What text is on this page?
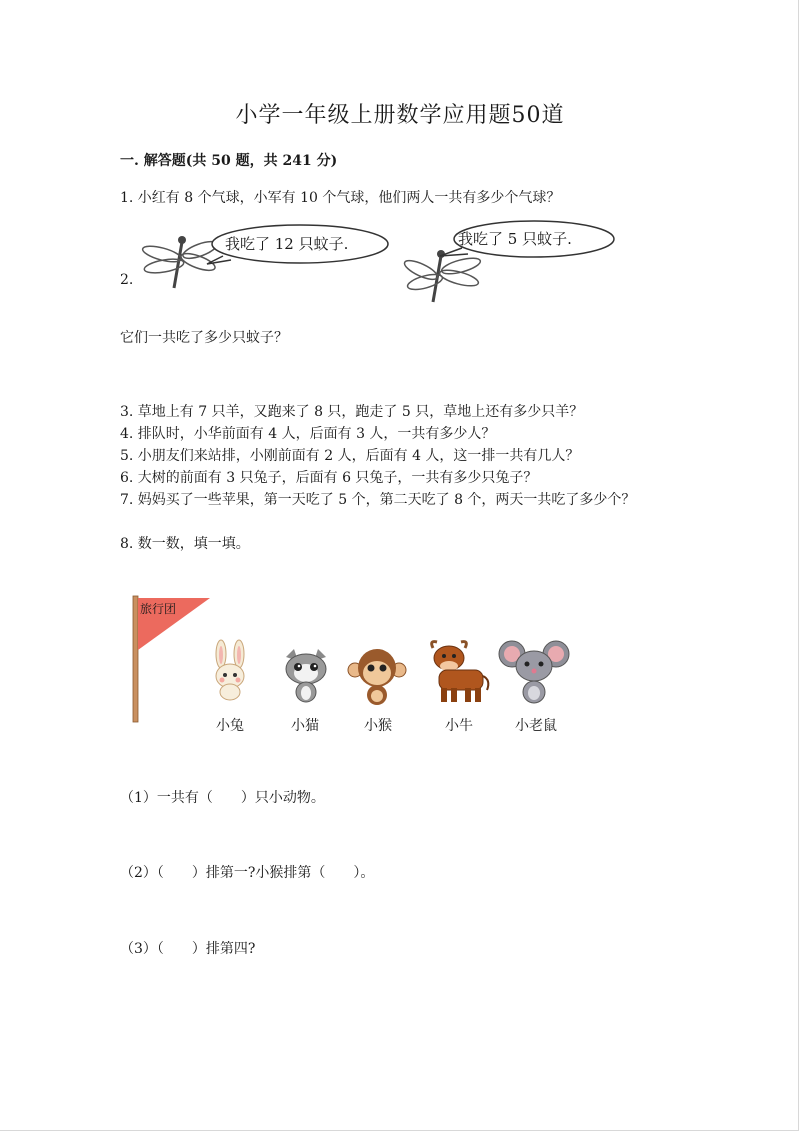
小学一年级上册数学应用题50道
一. 解答题(共 50 题，共 241 分)
1. 小红有 8 个气球，小军有 10 个气球，他们两人一共有多少个气球？
2.
我吃了 12 只蚊子.	我吃了 5 只蚊子.
它们一共吃了多少只蚊子？
3. 草地上有 7 只羊，又跑来了 8 只，跑走了 5 只，草地上还有多少只羊？
4. 排队时，小华前面有 4 人，后面有 3 人，一共有多少人？
5. 小朋友们来站排，小刚前面有 2 人，后面有 4 人，这一排一共有几人？
6. 大树的前面有 3 只兔子，后面有 6 只兔子，一共有多少只兔子？
7. 妈妈买了一些苹果，第一天吃了 5 个，第二天吃了 8 个，两天一共吃了多少个？
8. 数一数，填一填。
旅行团
小兔	小猫	小猴	小牛	小老鼠
（1）一共有（　　）只小动物。
（2）（　　）排第一?小猴排第（　　）。
（3）（　　）排第四?
